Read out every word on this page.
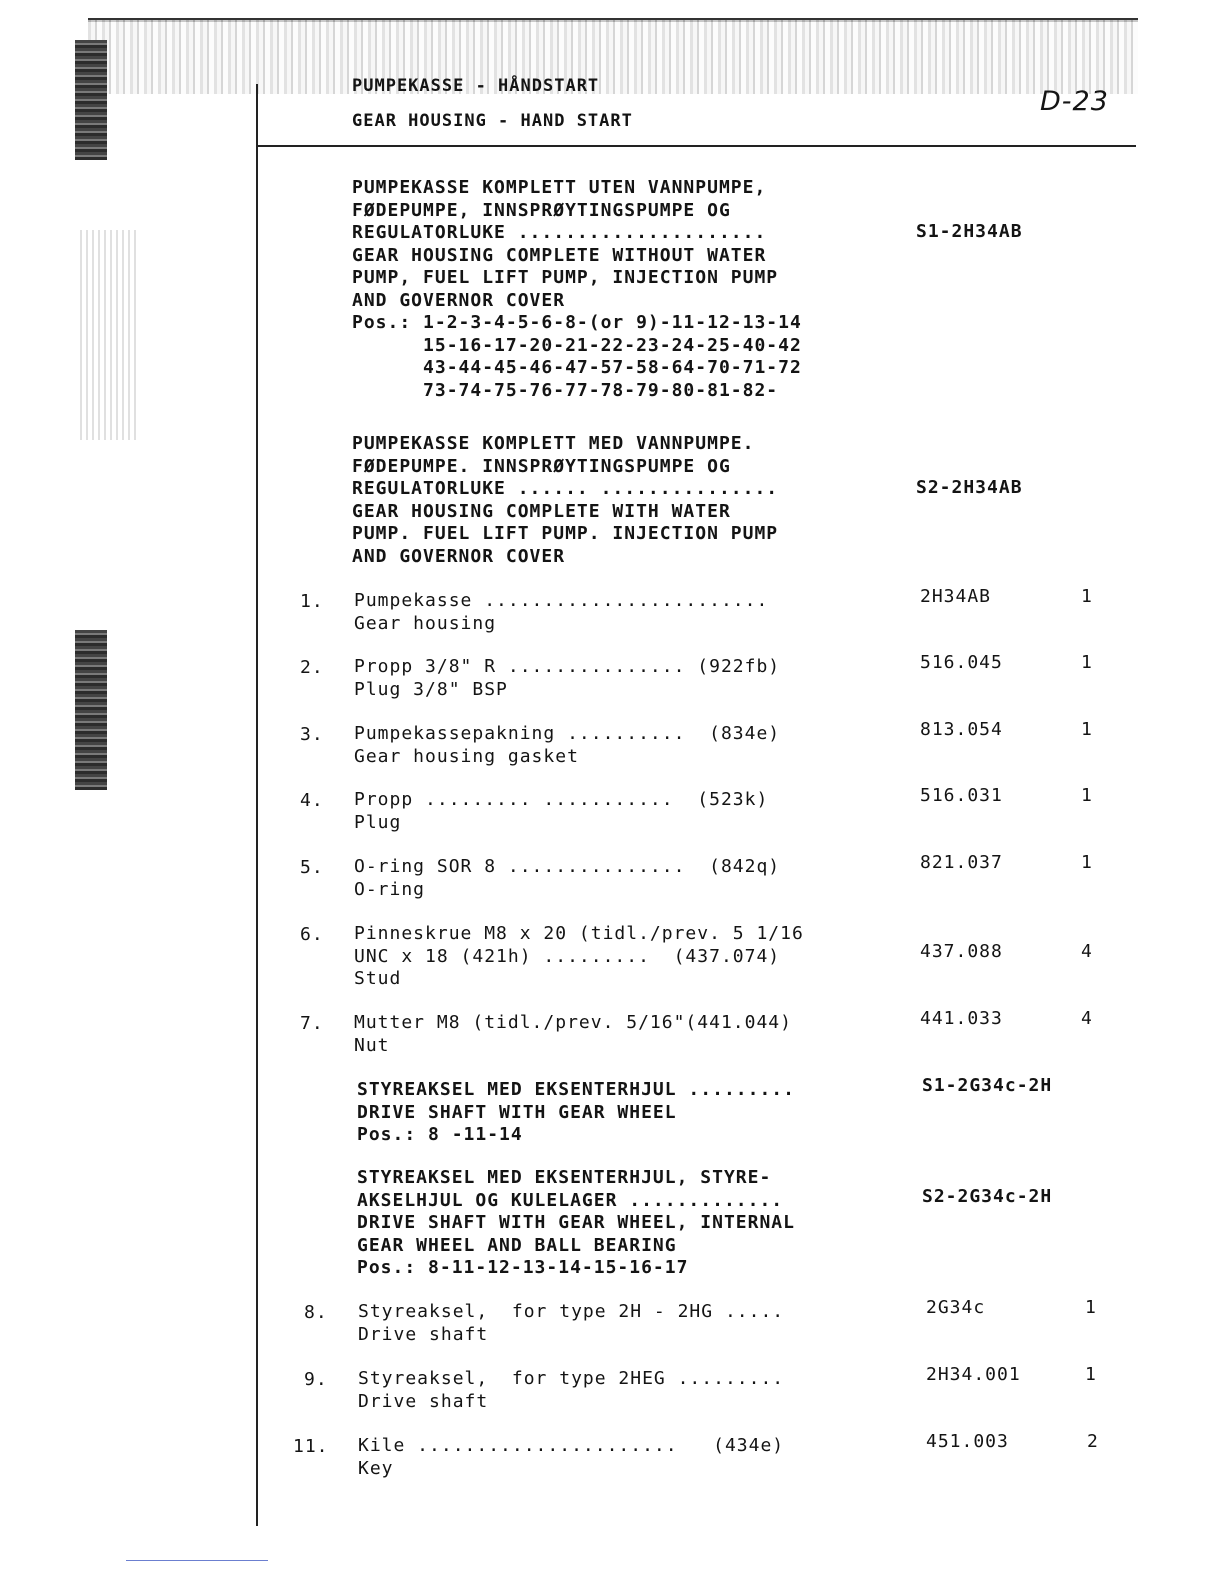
PUMPEKASSE - HÅNDSTART
GEAR HOUSING - HAND START
D-23
PUMPEKASSE KOMPLETT UTEN VANNPUMPE,
FØDEPUMPE, INNSPRØYTINGSPUMPE OG
REGULATORLUKE .....................
GEAR HOUSING COMPLETE WITHOUT WATER
PUMP, FUEL LIFT PUMP, INJECTION PUMP
AND GOVERNOR COVER
Pos.: 1-2-3-4-5-6-8-(or 9)-11-12-13-14
15-16-17-20-21-22-23-24-25-40-42
43-44-45-46-47-57-58-64-70-71-72
73-74-75-76-77-78-79-80-81-82-
S1-2H34AB
PUMPEKASSE KOMPLETT MED VANNPUMPE.
FØDEPUMPE. INNSPRØYTINGSPUMPE OG
REGULATORLUKE ...... ...............
GEAR HOUSING COMPLETE WITH WATER
PUMP. FUEL LIFT PUMP. INJECTION PUMP
AND GOVERNOR COVER
S2-2H34AB
1. Pumpekasse ........................
Gear housing
2H34AB	1
2. Propp 3/8" R ............... (922fb)
Plug 3/8" BSP
516.045	1
3. Pumpekassepakning ..........  (834e)
Gear housing gasket
813.054	1
4. Propp ......... ...........  (523k)
Plug
516.031	1
5. O-ring SOR 8 ...............  (842q)
O-ring
821.037	1
6. Pinneskrue M8 x 20 (tidl./prev. 5 1/16
UNC x 18 (421h) .........  (437.074)
Stud
437.088	4
7. Mutter M8 (tidl./prev. 5/16"(441.044)
Nut
441.033	4
STYREAKSEL MED EKSENTERHJUL .........
DRIVE SHAFT WITH GEAR WHEEL
Pos.: 8 -11-14
S1-2G34c-2H
STYREAKSEL MED EKSENTERHJUL, STYRE-
AKSELHJUL OG KULELAGER .............
DRIVE SHAFT WITH GEAR WHEEL, INTERNAL
GEAR WHEEL AND BALL BEARING
Pos.: 8-11-12-13-14-15-16-17
S2-2G34c-2H
8. Styreaksel,  for type 2H - 2HG .....
Drive shaft
2G34c	1
9. Styreaksel,  for type 2HEG .........
Drive shaft
2H34.001	1
11. Kile ......................   (434e)
Key
451.003	2
